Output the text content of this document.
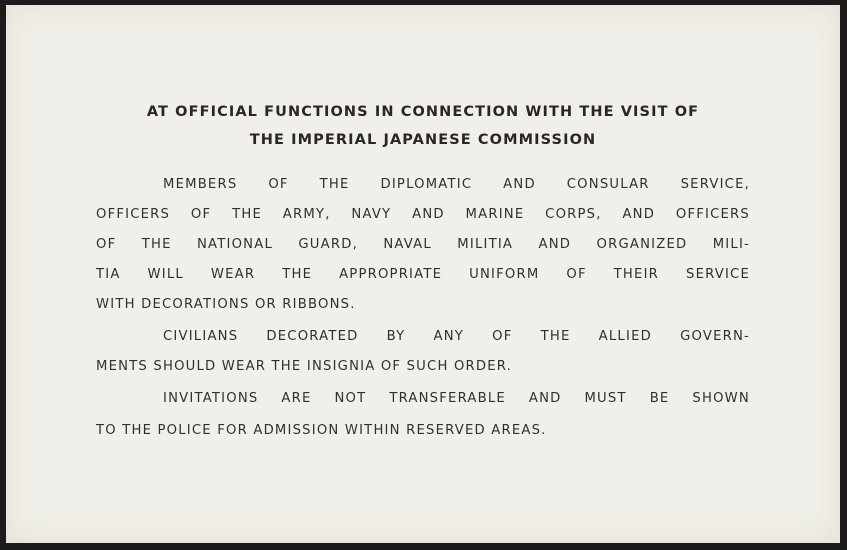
AT OFFICIAL FUNCTIONS IN CONNECTION WITH THE VISIT OF
THE IMPERIAL JAPANESE COMMISSION
MEMBERS OF THE DIPLOMATIC AND CONSULAR SERVICE,
OFFICERS OF THE ARMY, NAVY AND MARINE CORPS, AND OFFICERS
OF THE NATIONAL GUARD, NAVAL MILITIA AND ORGANIZED MILI-
TIA WILL WEAR THE APPROPRIATE UNIFORM OF THEIR SERVICE
WITH DECORATIONS OR RIBBONS.
CIVILIANS DECORATED BY ANY OF THE ALLIED GOVERN-
MENTS SHOULD WEAR THE INSIGNIA OF SUCH ORDER.
INVITATIONS ARE NOT TRANSFERABLE AND MUST BE SHOWN
TO THE POLICE FOR ADMISSION WITHIN RESERVED AREAS.
